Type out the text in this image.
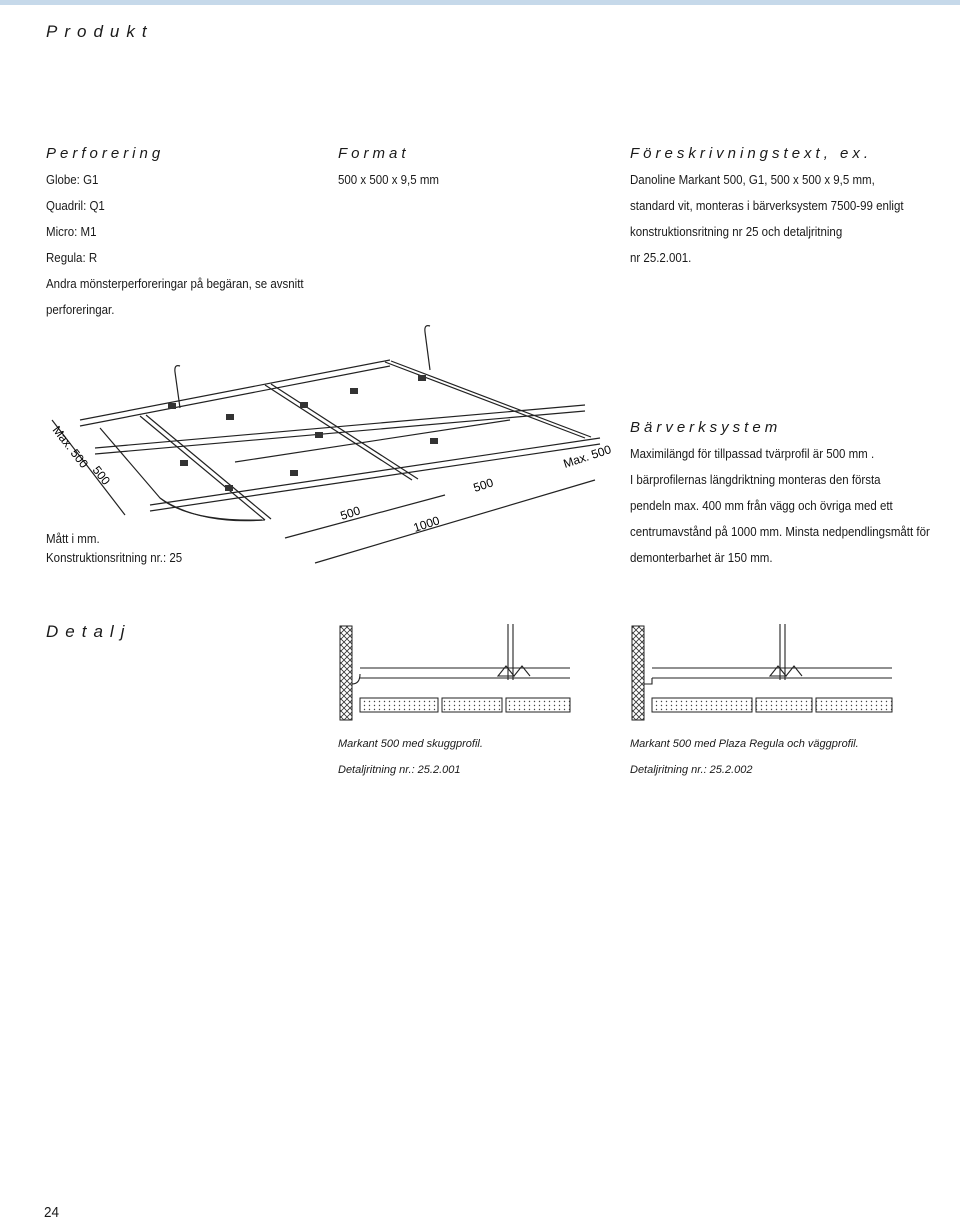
Produkt
Perforering
Globe: G1
Quadril: Q1
Micro: M1
Regula: R
Andra mönsterperforeringar på begäran, se avsnitt
perforeringar.
Format
500 x 500 x 9,5 mm
Föreskrivningstext, ex.
Danoline Markant 500, G1, 500 x 500 x 9,5 mm,
standard vit, monteras i bärverksystem 7500-99 enligt
konstruktionsritning nr 25 och detaljritning
nr 25.2.001.
Max. 500
500
500
1000
500
Max. 500
Mått i mm.
Konstruktionsritning nr.: 25
Bärverksystem
Maximilängd för tillpassad tvärprofil är 500 mm .
I bärprofilernas längdriktning monteras den första
pendeln max. 400 mm från vägg och övriga med ett
centrumavstånd på 1000 mm. Minsta nedpendlingsmått för
demonterbarhet är 150 mm.
Detalj
Markant 500 med skuggprofil.
Detaljritning nr.: 25.2.001
Markant 500 med Plaza Regula och väggprofil.
Detaljritning nr.: 25.2.002
24
